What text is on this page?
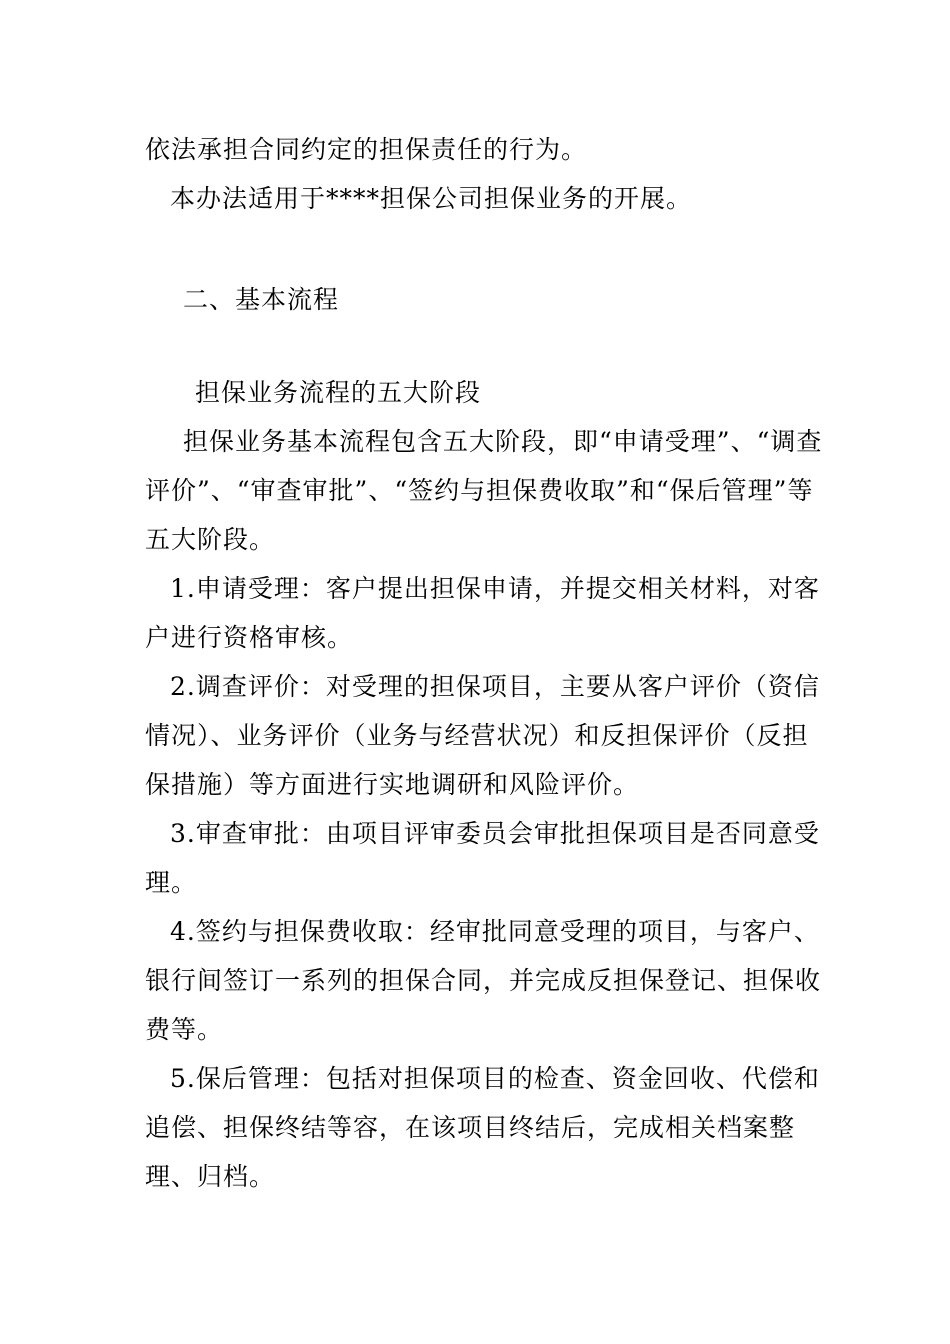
依法承担合同约定的担保责任的行为。

本办法适用于****担保公司担保业务的开展。

二、基本流程

担保业务流程的五大阶段

担保业务基本流程包含五大阶段，即“申请受理”、“调查评价”、“审查审批”、“签约与担保费收取”和“保后管理”等五大阶段。

1.申请受理：客户提出担保申请，并提交相关材料，对客户进行资格审核。

2.调查评价：对受理的担保项目，主要从客户评价（资信情况）、业务评价（业务与经营状况）和反担保评价（反担保措施）等方面进行实地调研和风险评价。

3.审查审批：由项目评审委员会审批担保项目是否同意受理。

4.签约与担保费收取：经审批同意受理的项目，与客户、银行间签订一系列的担保合同，并完成反担保登记、担保收费等。

5.保后管理：包括对担保项目的检查、资金回收、代偿和追偿、担保终结等容，在该项目终结后，完成相关档案整理、归档。
